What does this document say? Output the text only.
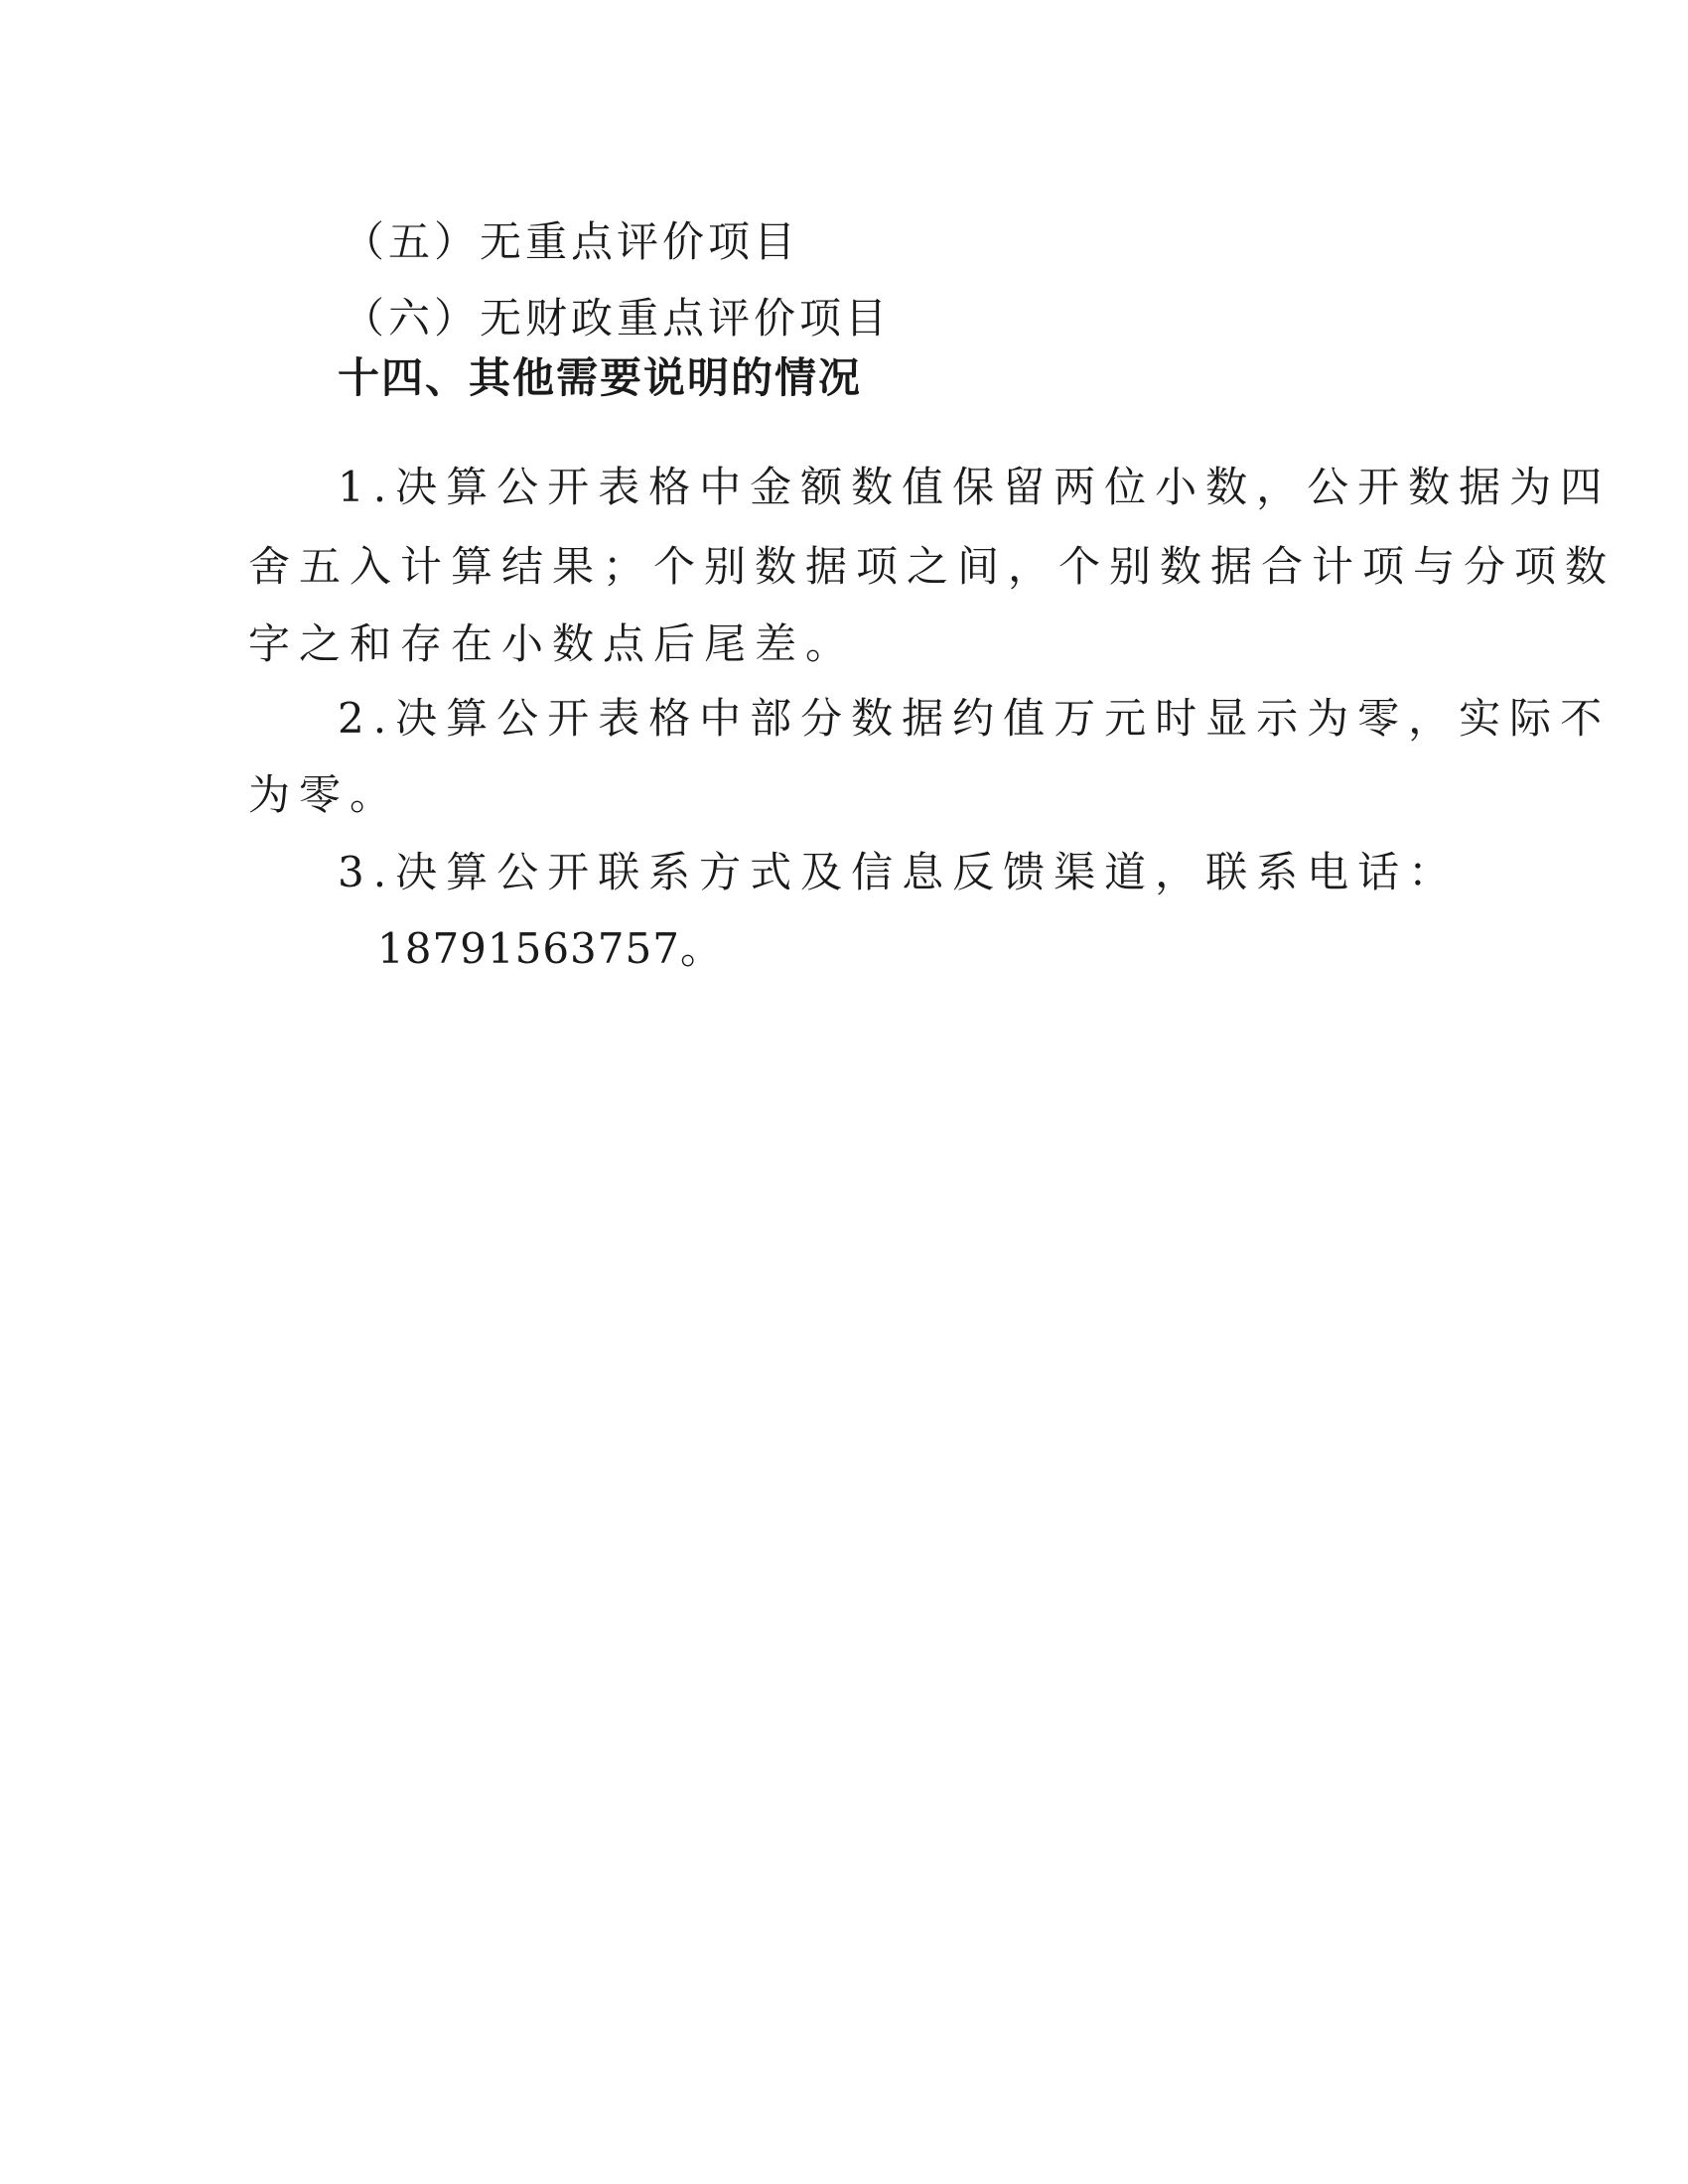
（五）无重点评价项目
（六）无财政重点评价项目
十四、其他需要说明的情况
1.决算公开表格中金额数值保留两位小数，公开数据为四
舍五入计算结果；个别数据项之间，个别数据合计项与分项数
字之和存在小数点后尾差。
2.决算公开表格中部分数据约值万元时显示为零，实际不
为零。
3.决算公开联系方式及信息反馈渠道，联系电话：
18791563757。
